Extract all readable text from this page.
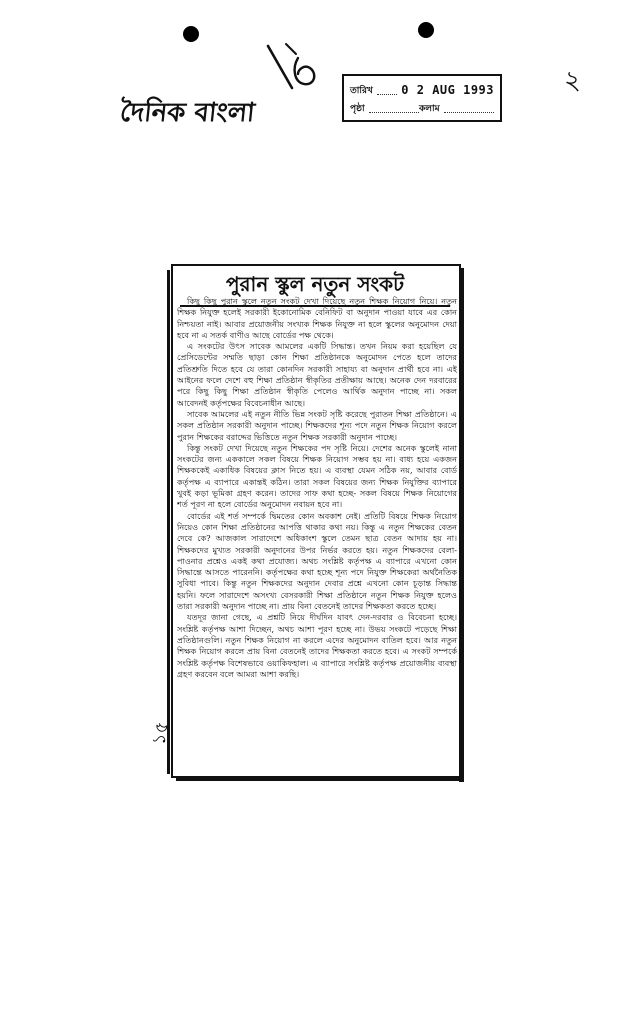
দৈনিক বাংলা
তারিখ 0 2 AUG 1993
পৃষ্ঠা	কলাম
২
পুরান স্কুল নতুন সংকট

কিছু কিছু পুরান স্কুলে নতুন সংকট দেখা দিয়েছে নতুন শিক্ষক নিয়োগ নিয়ে। নতুন শিক্ষক নিযুক্ত হলেই সরকারী ইকোনোমিক বেনিফিট বা অনুদান পাওয়া যাবে এর কোন নিশ্চয়তা নাই। আবার প্রয়োজনীয় সংখ্যক শিক্ষক নিযুক্ত না হলে স্কুলের অনুমোদন দেয়া হবে না এ সতর্ক বাণীও আছে বোর্ডের পক্ষ থেকে।

এ সংকটের উৎস সাবেক আমলের একটি সিদ্ধান্ত। তখন নিয়ম করা হয়েছিল যে প্রেসিডেন্টের সম্মতি ছাড়া কোন শিক্ষা প্রতিষ্ঠানকে অনুমোদন পেতে হলে তাদের প্রতিশ্রুতি দিতে হবে যে তারা কোনদিন সরকারী সাহায্য বা অনুদান প্রার্থী হবে না। এই আইনের ফলে দেশে বহু শিক্ষা প্রতিষ্ঠান স্বীকৃতির প্রতীক্ষায় আছে। অনেক দেন দরবারের পরে কিছু কিছু শিক্ষা প্রতিষ্ঠান স্বীকৃতি পেলেও আর্থিক অনুদান পাচ্ছে না। সকল আবেদনই কর্তৃপক্ষের বিবেচনাধীন আছে।

সাবেক আমলের এই নতুন নীতি ভিন্ন সংকট সৃষ্টি করেছে পুরাতন শিক্ষা প্রতিষ্ঠানে। এ সকল প্রতিষ্ঠান সরকারী অনুদান পাচ্ছে। শিক্ষকদের শূন্য পদে নতুন শিক্ষক নিয়োগ করলে পুরান শিক্ষকের বরাদ্দের ভিত্তিতে নতুন শিক্ষক সরকারী অনুদান পাচ্ছে।

কিন্তু সংকট দেখা দিয়েছে নতুন শিক্ষকের পদ সৃষ্টি নিয়ে। দেশের অনেক স্কুলেই নানা সংকটের জন্য এককালে সকল বিষয়ে শিক্ষক নিয়োগ সম্ভব হয় না। বাধ্য হয়ে একজন শিক্ষককেই একাধিক বিষয়ের ক্লাস নিতে হয়। এ ব্যবস্থা যেমন সঠিক নয়, আবার বোর্ড কর্তৃপক্ষ এ ব্যাপারে একান্তই কঠিন। তারা সকল বিষয়ের জন্য শিক্ষক নিযুক্তির ব্যাপারে খুবই কড়া ভূমিকা গ্রহণ করেন। তাদের সাফ কথা হচ্ছে- সকল বিষয়ে শিক্ষক নিয়োগের শর্ত পূরণ না হলে বোর্ডের অনুমোদন নবায়ন হবে না।

বোর্ডের এই শর্ত সম্পর্কে দ্বিমতের কোন অবকাশ নেই। প্রতিটি বিষয়ে শিক্ষক নিয়োগ নিয়েও কোন শিক্ষা প্রতিষ্ঠানের আপত্তি থাকার কথা নয়। কিন্তু এ নতুন শিক্ষকের বেতন দেবে কে? আজকাল সারাদেশে অধিকাংশ স্কুলে তেমন ছাত্র বেতন আদায় হয় না। শিক্ষকদের মুখ্যত সরকারী অনুদানের উপর নির্ভর করতে হয়। নতুন শিক্ষকদের বেলা-পাওনার প্রশ্নেও একই কথা প্রযোজ্য। অথচ সংশ্লিষ্ট কর্তৃপক্ষ এ ব্যাপারে এখনো কোন সিদ্ধান্তে আসতে পারেননি। কর্তৃপক্ষের কথা হচ্ছে শূন্য পদে নিযুক্ত শিক্ষকেরা অর্থনৈতিক সুবিধা পাবে। কিন্তু নতুন শিক্ষকদের অনুদান দেবার প্রশ্নে এখনো কোন চূড়ান্ত সিদ্ধান্ত হয়নি। ফলে সারাদেশে অসংখ্য বেসরকারী শিক্ষা প্রতিষ্ঠানে নতুন শিক্ষক নিযুক্ত হলেও তারা সরকারী অনুদান পাচ্ছে না। প্রায় বিনা বেতনেই তাদের শিক্ষকতা করতে হচ্ছে।

যতদূর জানা গেছে, এ প্রশ্নটি নিয়ে দীর্ঘদিন যাবৎ দেন-দরবার ও বিবেচনা হচ্ছে। সংশ্লিষ্ট কর্তৃপক্ষ আশা দিচ্ছেন, অথচ আশা পূরণ হচ্ছে না। উভয় সংকটে পড়েছে শিক্ষা প্রতিষ্ঠানগুলি। নতুন শিক্ষক নিয়োগ না করলে এদের অনুমোদন বাতিল হবে। আর নতুন শিক্ষক নিয়োগ করলে প্রায় বিনা বেতনেই তাদের শিক্ষকতা করতে হবে। এ সংকট সম্পর্কে সংশ্লিষ্ট কর্তৃপক্ষ বিশেষভাবে ওয়াকিফহাল। এ ব্যাপারে সংশ্লিষ্ট কর্তৃপক্ষ প্রয়োজনীয় ব্যবস্থা গ্রহণ করবেন বলে আমরা আশা করছি।

১৫
